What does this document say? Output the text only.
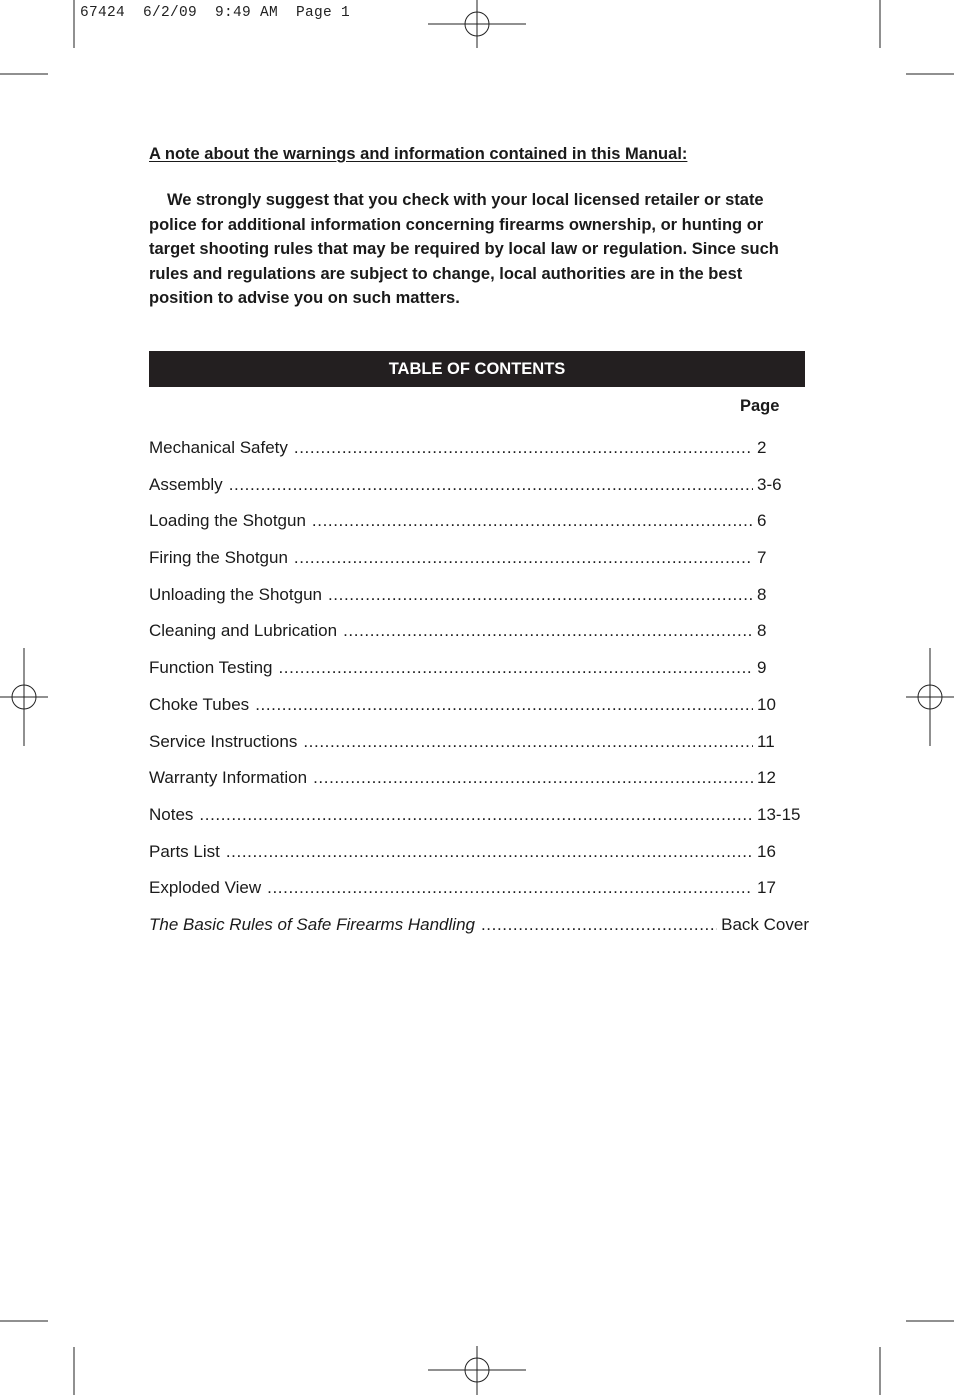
67424  6/2/09  9:49 AM  Page 1
A note about the warnings and information contained in this Manual:

We strongly suggest that you check with your local licensed retailer or state police for additional information concerning firearms ownership, or hunting or target shooting rules that may be required by local law or regulation. Since such rules and regulations are subject to change, local authorities are in the best position to advise you on such matters.

TABLE OF CONTENTS
Page
Mechanical Safety .....	2
Assembly .....	3-6
Loading the Shotgun .....	6
Firing the Shotgun .....	7
Unloading the Shotgun .....	8
Cleaning and Lubrication .....	8
Function Testing .....	9
Choke Tubes .....	10
Service Instructions .....	11
Warranty Information .....	12
Notes .....	13-15
Parts List .....	16
Exploded View .....	17
The Basic Rules of Safe Firearms Handling .....	Back Cover
